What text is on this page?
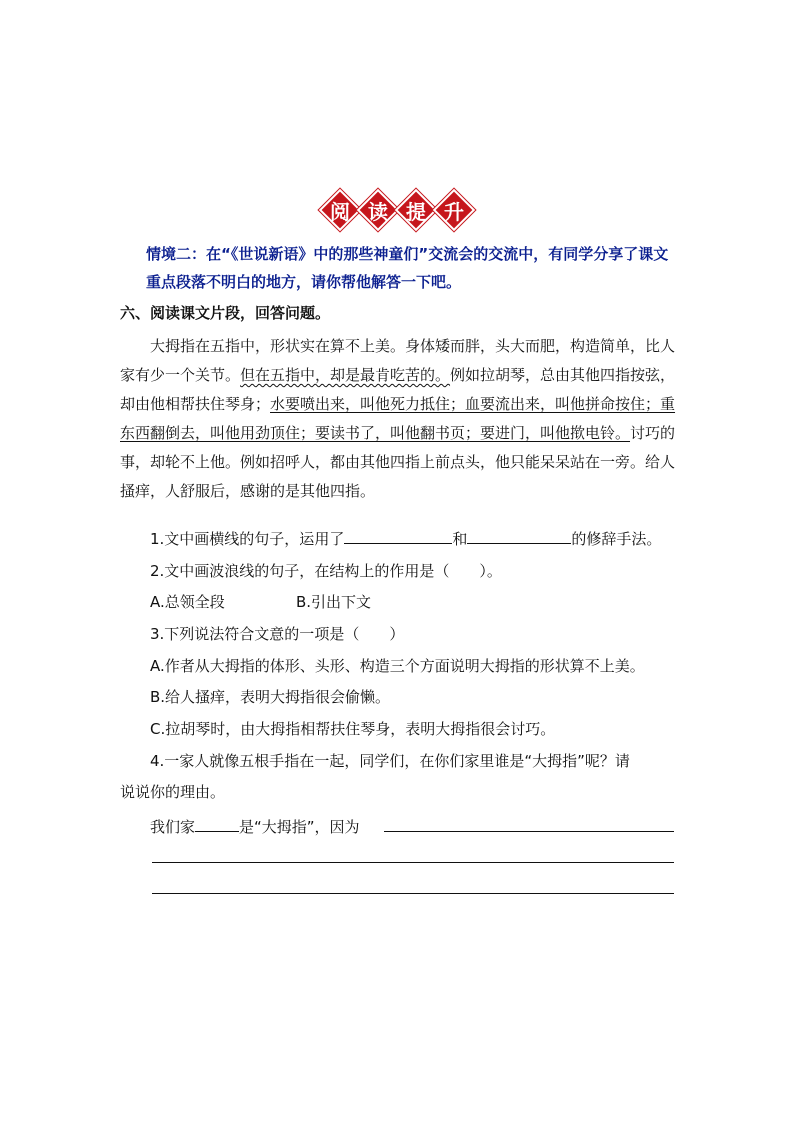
阅 读 提 升
情境二：在“《世说新语》中的那些神童们”交流会的交流中，有同学分享了课文重点段落不明白的地方，请你帮他解答一下吧。
六、阅读课文片段，回答问题。
大拇指在五指中，形状实在算不上美。身体矮而胖，头大而肥，构造简单，比人家有少一个关节。但在五指中，却是最肯吃苦的。例如拉胡琴，总由其他四指按弦，却由他相帮扶住琴身；水要喷出来，叫他死力抵住；血要流出来，叫他拼命按住；重东西翻倒去，叫他用劲顶住；要读书了，叫他翻书页；要进门，叫他揿电铃。讨巧的事，却轮不上他。例如招呼人，都由其他四指上前点头，他只能呆呆站在一旁。给人搔痒，人舒服后，感谢的是其他四指。
1.文中画横线的句子，运用了	和	的修辞手法。
2.文中画波浪线的句子，在结构上的作用是（　　）。
A.总领全段	B.引出下文
3.下列说法符合文意的一项是（　　）
A.作者从大拇指的体形、头形、构造三个方面说明大拇指的形状算不上美。
B.给人搔痒，表明大拇指很会偷懒。
C.拉胡琴时，由大拇指相帮扶住琴身，表明大拇指很会讨巧。
4.一家人就像五根手指在一起，同学们，在你们家里谁是“大拇指”呢？请
说说你的理由。
我们家	是“大拇指”，因为
